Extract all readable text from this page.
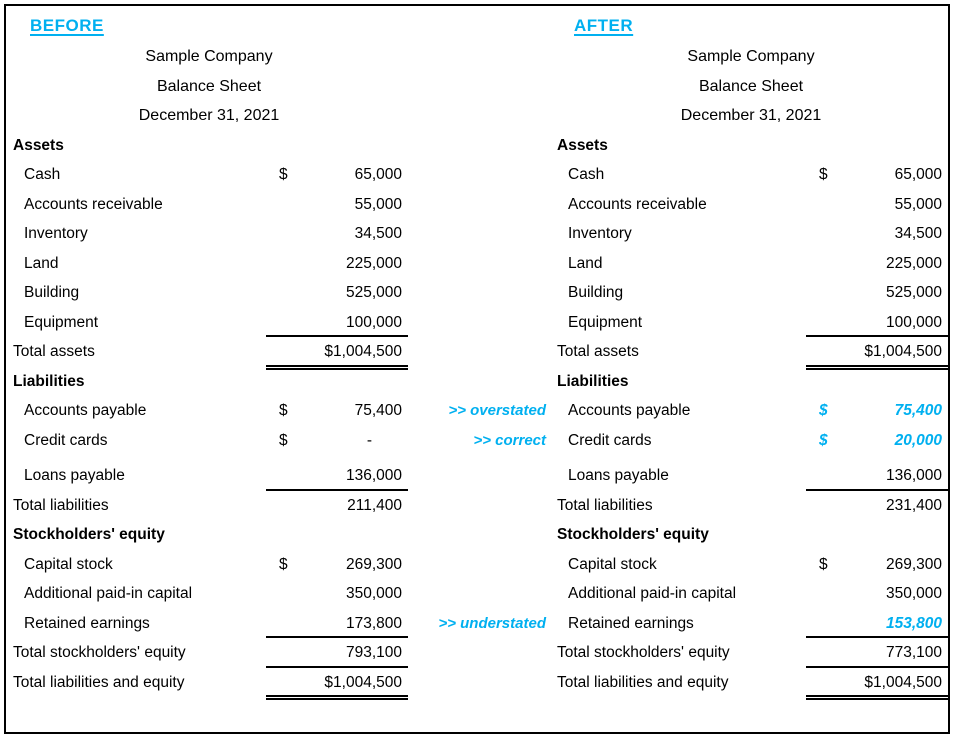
BEFORE
Sample Company
Balance Sheet
December 31, 2021
Assets
Cash	$	65,000
Accounts receivable	55,000
Inventory	34,500
Land	225,000
Building	525,000
Equipment	100,000
Total assets	$1,004,500
Liabilities
Accounts payable	$	75,400	>> overstated
Credit cards	$	-	>> correct
Loans payable	136,000
Total liabilities	211,400
Stockholders' equity
Capital stock	$	269,300
Additional paid-in capital	350,000
Retained earnings	173,800	>> understated
Total stockholders' equity	793,100
Total liabilities and equity	$1,004,500
AFTER
Sample Company
Balance Sheet
December 31, 2021
Assets
Cash	$	65,000
Accounts receivable	55,000
Inventory	34,500
Land	225,000
Building	525,000
Equipment	100,000
Total assets	$1,004,500
Liabilities
Accounts payable	$	75,400
Credit cards	$	20,000
Loans payable	136,000
Total liabilities	231,400
Stockholders' equity
Capital stock	$	269,300
Additional paid-in capital	350,000
Retained earnings	153,800
Total stockholders' equity	773,100
Total liabilities and equity	$1,004,500
